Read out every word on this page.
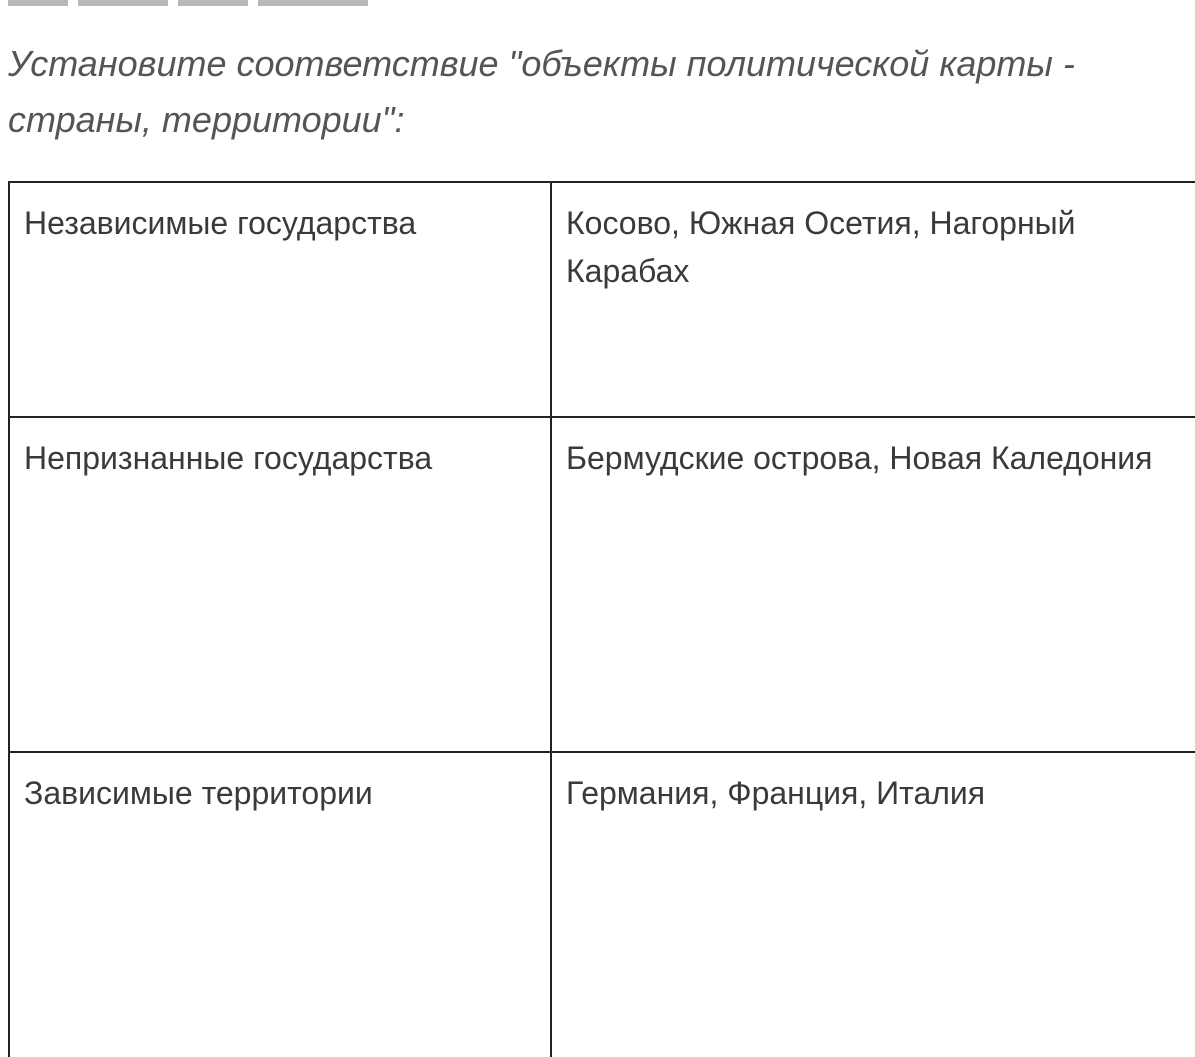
Установите соответствие "объекты политической карты - страны, территории":

Независимые государства	Косово, Южная Осетия, Нагорный Карабах
Непризнанные государства	Бермудские острова, Новая Каледония
Зависимые территории	Германия, Франция, Италия
